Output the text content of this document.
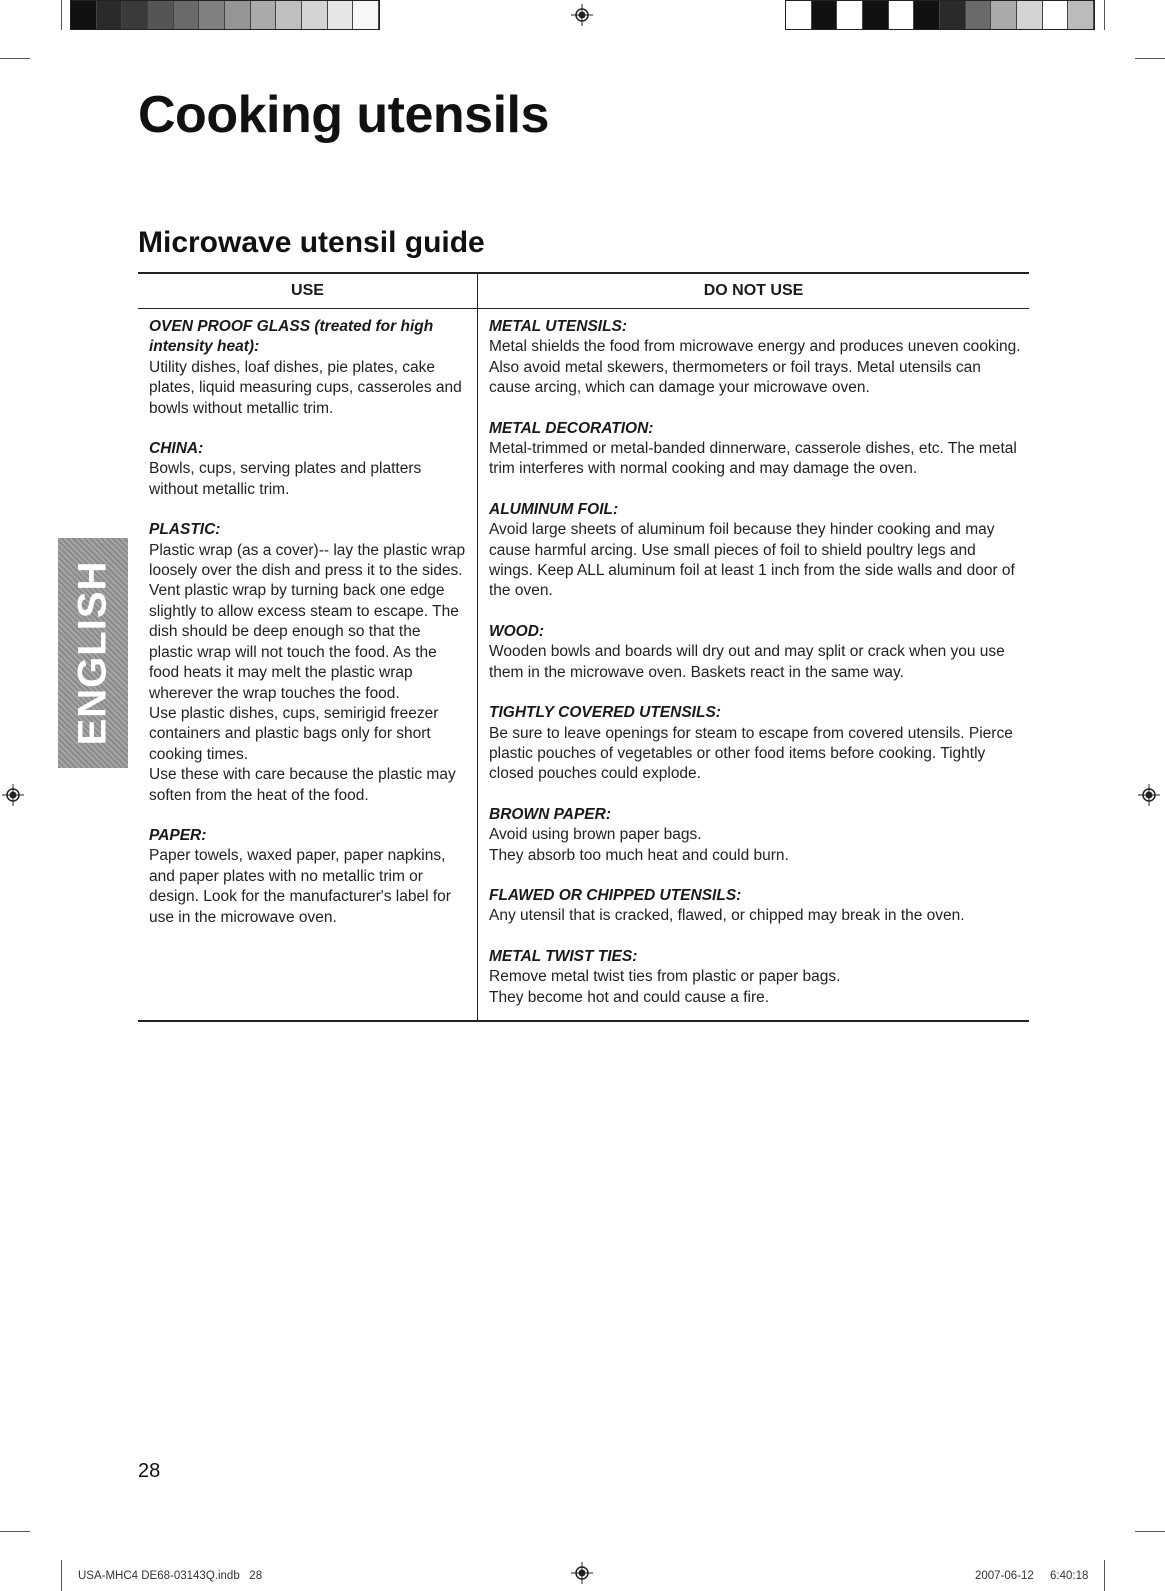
Cooking utensils
Microwave utensil guide
ENGLISH
USE	DO NOT USE
OVEN PROOF GLASS (treated for high intensity heat):
Utility dishes, loaf dishes, pie plates, cake plates, liquid measuring cups, casseroles and bowls without metallic trim.
CHINA:
Bowls, cups, serving plates and platters without metallic trim.
PLASTIC:
Plastic wrap (as a cover)-- lay the plastic wrap loosely over the dish and press it to the sides.
Vent plastic wrap by turning back one edge slightly to allow excess steam to escape. The dish should be deep enough so that the plastic wrap will not touch the food. As the food heats it may melt the plastic wrap wherever the wrap touches the food.
Use plastic dishes, cups, semirigid freezer containers and plastic bags only for short cooking times.
Use these with care because the plastic may soften from the heat of the food.
PAPER:
Paper towels, waxed paper, paper napkins, and paper plates with no metallic trim or design. Look for the manufacturer's label for use in the microwave oven.
METAL UTENSILS:
Metal shields the food from microwave energy and produces uneven cooking. Also avoid metal skewers, thermometers or foil trays. Metal utensils can cause arcing, which can damage your microwave oven.
METAL DECORATION:
Metal-trimmed or metal-banded dinnerware, casserole dishes, etc. The metal trim interferes with normal cooking and may damage the oven.
ALUMINUM FOIL:
Avoid large sheets of aluminum foil because they hinder cooking and may cause harmful arcing. Use small pieces of foil to shield poultry legs and wings. Keep ALL aluminum foil at least 1 inch from the side walls and door of the oven.
WOOD:
Wooden bowls and boards will dry out and may split or crack when you use them in the microwave oven. Baskets react in the same way.
TIGHTLY COVERED UTENSILS:
Be sure to leave openings for steam to escape from covered utensils. Pierce plastic pouches of vegetables or other food items before cooking. Tightly closed pouches could explode.
BROWN PAPER:
Avoid using brown paper bags.
They absorb too much heat and could burn.
FLAWED OR CHIPPED UTENSILS:
Any utensil that is cracked, flawed, or chipped may break in the oven.
METAL TWIST TIES:
Remove metal twist ties from plastic or paper bags.
They become hot and could cause a fire.
28
USA-MHC4 DE68-03143Q.indb   28	2007-06-12 6:40:18
